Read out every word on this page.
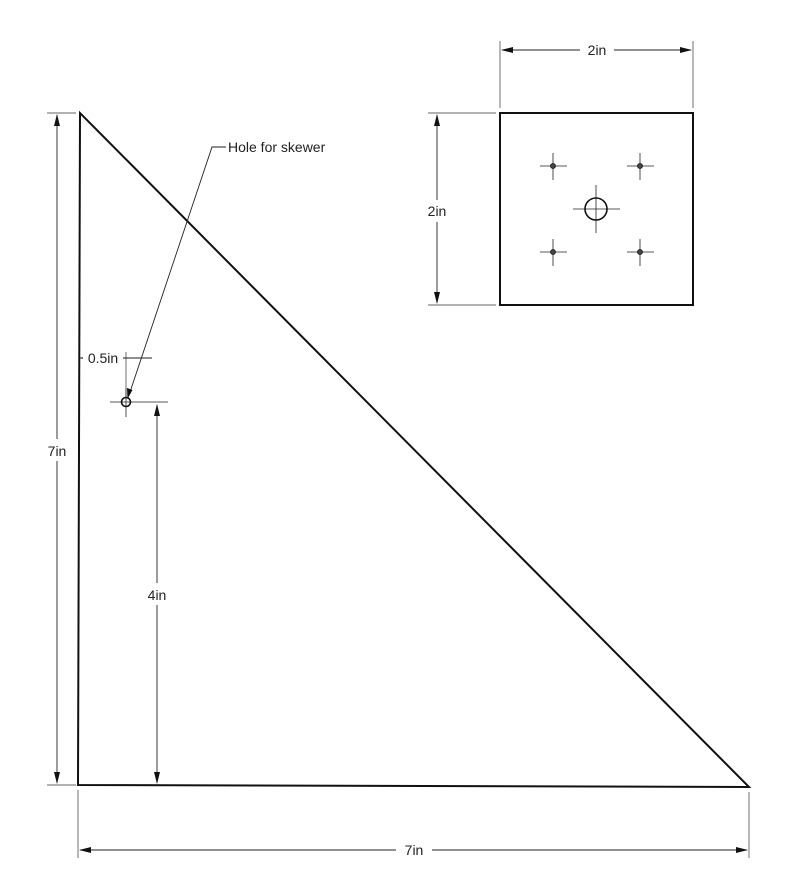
7in
7in
0.5in
4in
Hole for skewer
2in
2in
